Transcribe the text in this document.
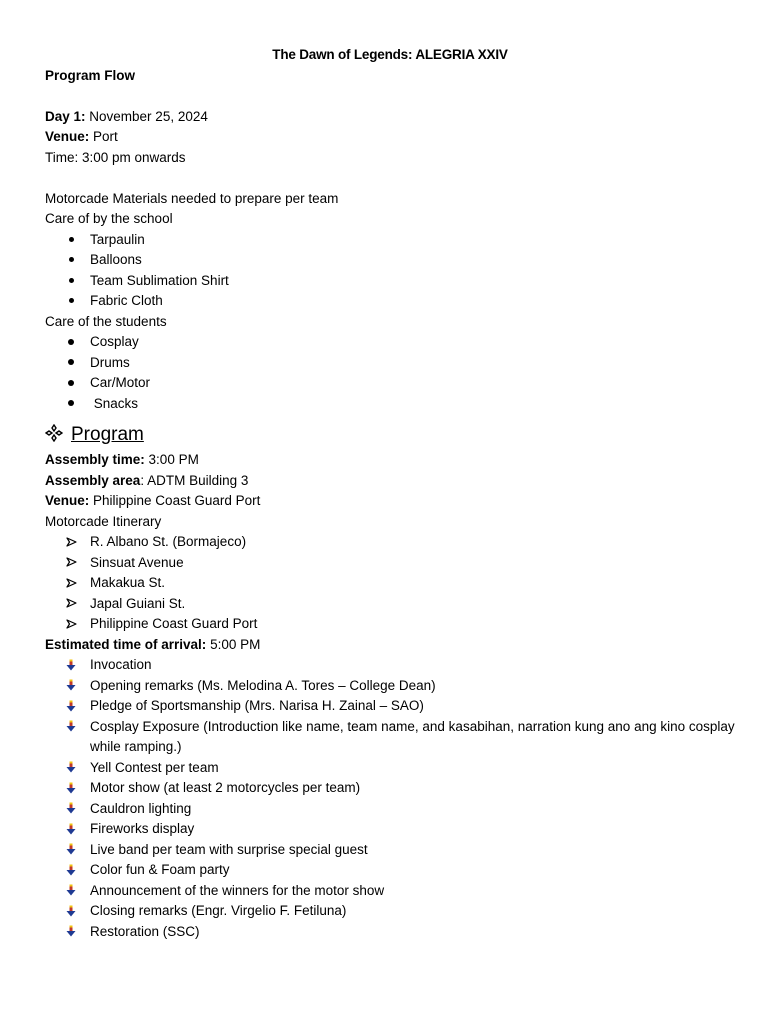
The Dawn of Legends: ALEGRIA XXIV
Program Flow
Day 1: November 25, 2024
Venue: Port
Time: 3:00 pm onwards
Motorcade Materials needed to prepare per team
Care of by the school
Tarpaulin
Balloons
Team Sublimation Shirt
Fabric Cloth
Care of the students
Cosplay
Drums
Car/Motor
Snacks
Program
Assembly time: 3:00 PM
Assembly area: ADTM Building 3
Venue: Philippine Coast Guard Port
Motorcade Itinerary
R. Albano St. (Bormajeco)
Sinsuat Avenue
Makakua St.
Japal Guiani St.
Philippine Coast Guard Port
Estimated time of arrival: 5:00 PM
Invocation
Opening remarks (Ms. Melodina A. Tores – College Dean)
Pledge of Sportsmanship (Mrs. Narisa H. Zainal – SAO)
Cosplay Exposure (Introduction like name, team name, and kasabihan, narration kung ano ang kino cosplay while ramping.)
Yell Contest per team
Motor show (at least 2 motorcycles per team)
Cauldron lighting
Fireworks display
Live band per team with surprise special guest
Color fun & Foam party
Announcement of the winners for the motor show
Closing remarks (Engr. Virgelio F. Fetiluna)
Restoration (SSC)
